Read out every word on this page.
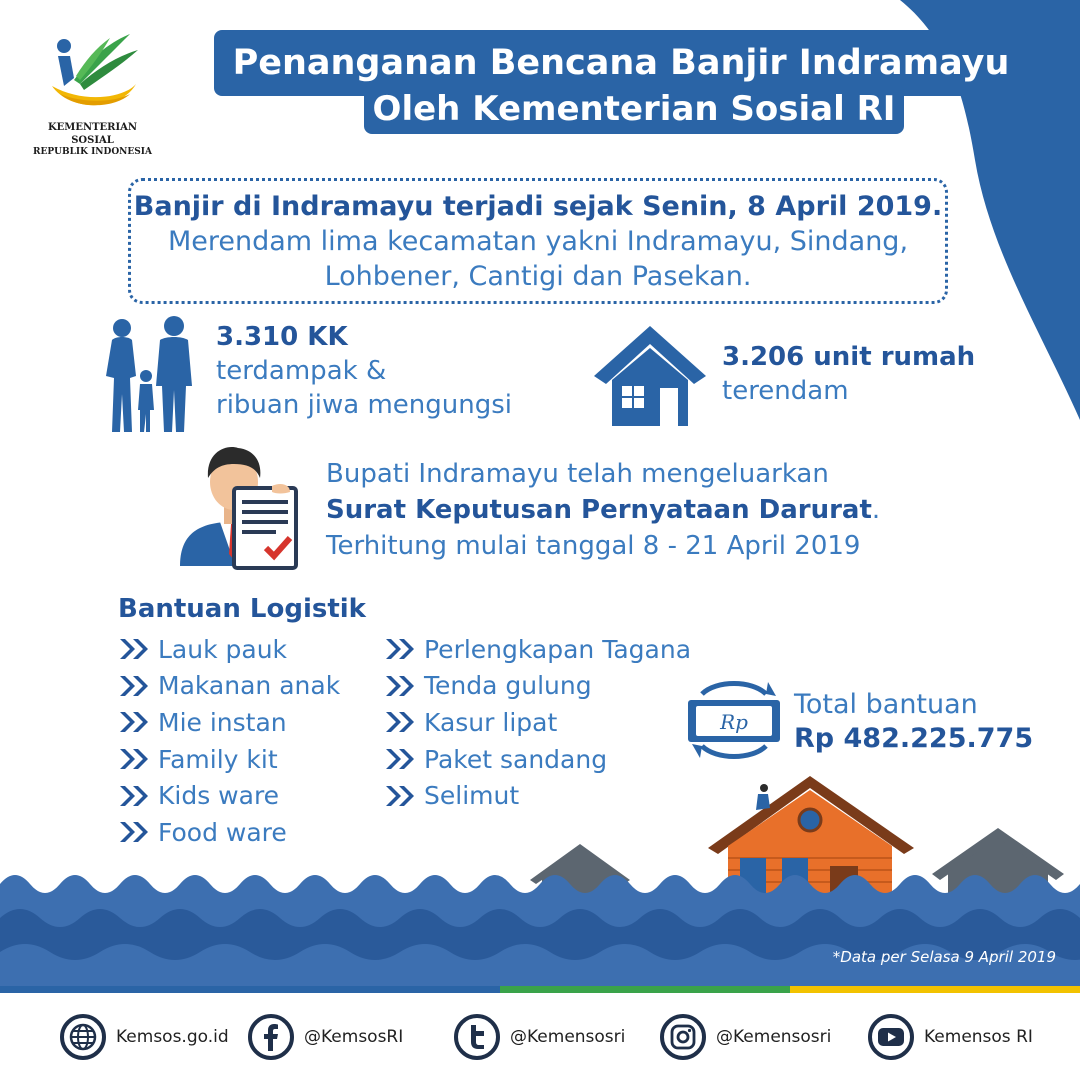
KEMENTERIAN SOSIAL
REPUBLIK INDONESIA
Penanganan Bencana Banjir Indramayu
Oleh Kementerian Sosial RI
Banjir di Indramayu terjadi sejak Senin, 8 April 2019.
Merendam lima kecamatan yakni Indramayu, Sindang,
Lohbener, Cantigi dan Pasekan.
3.310 KK
terdampak &
ribuan jiwa mengungsi
3.206 unit rumah
terendam
Bupati Indramayu telah mengeluarkan
Surat Keputusan Pernyataan Darurat.
Terhitung mulai tanggal 8 - 21 April 2019
Bantuan Logistik
Lauk pauk
Makanan anak
Mie instan
Family kit
Kids ware
Food ware
Perlengkapan Tagana
Tenda gulung
Kasur lipat
Paket sandang
Selimut
Rp
Total bantuan
Rp 482.225.775
*Data per Selasa 9 April 2019
Kemsos.go.id	@KemsosRI	@Kemensosri	@Kemensosri	Kemensos RI
